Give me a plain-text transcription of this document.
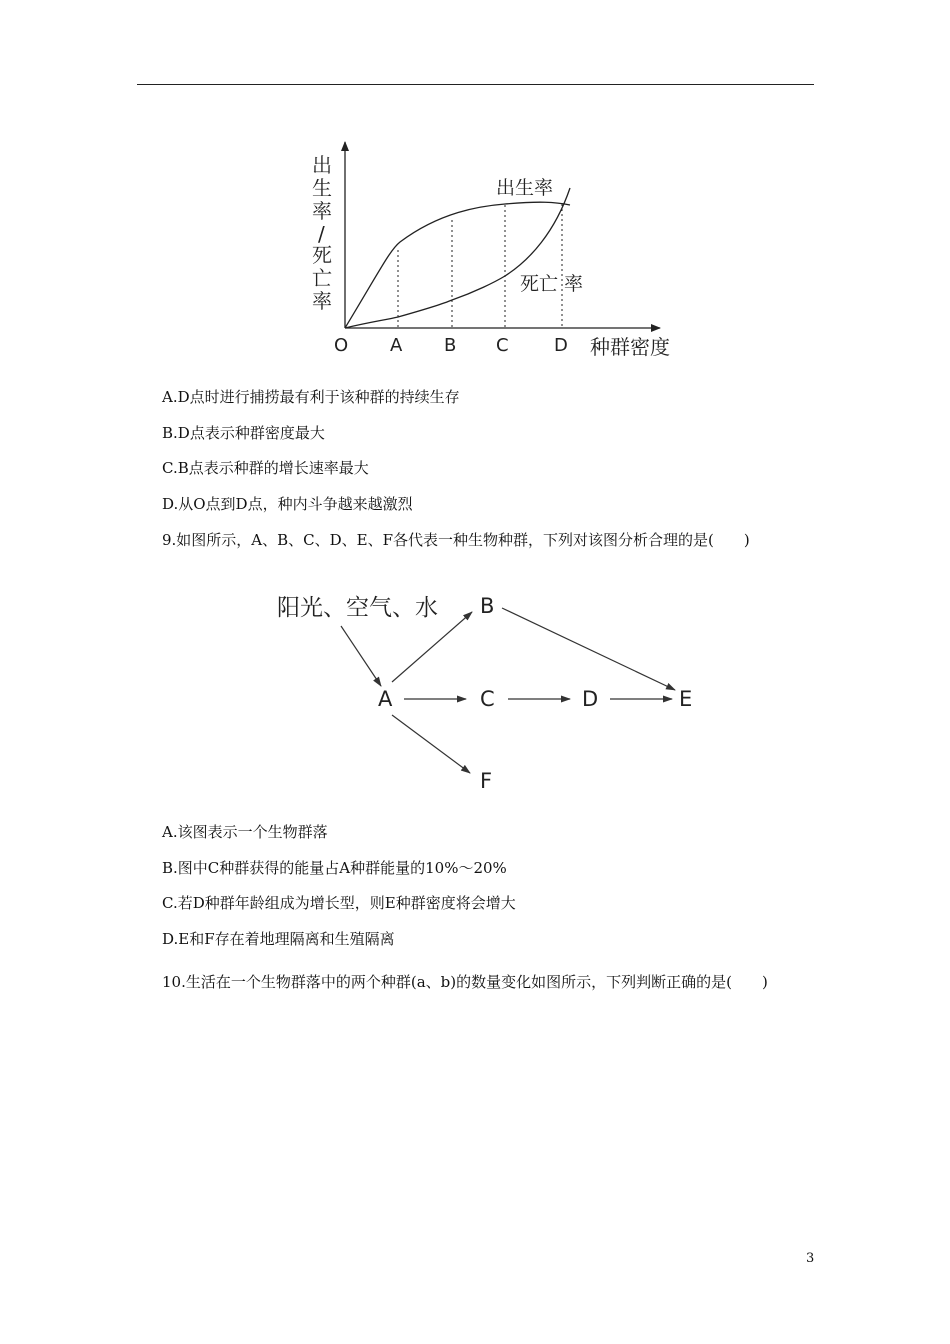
出
生
率
/
死
亡
率
出生率
死亡 率
O A B C	D 种群密度
A.D点时进行捕捞最有利于该种群的持续生存
B.D点表示种群密度最大
C.B点表示种群的增长速率最大
D.从O点到D点，种内斗争越来越激烈
9.如图所示，A、B、C、D、E、F各代表一种生物种群，下列对该图分析合理的是(　　)
阳光、空气、水 B
A	C	D	E
F
A.该图表示一个生物群落
B.图中C种群获得的能量占A种群能量的10%～20%
C.若D种群年龄组成为增长型，则E种群密度将会增大
D.E和F存在着地理隔离和生殖隔离
10.生活在一个生物群落中的两个种群(a、b)的数量变化如图所示，下列判断正确的是(　　)
3
